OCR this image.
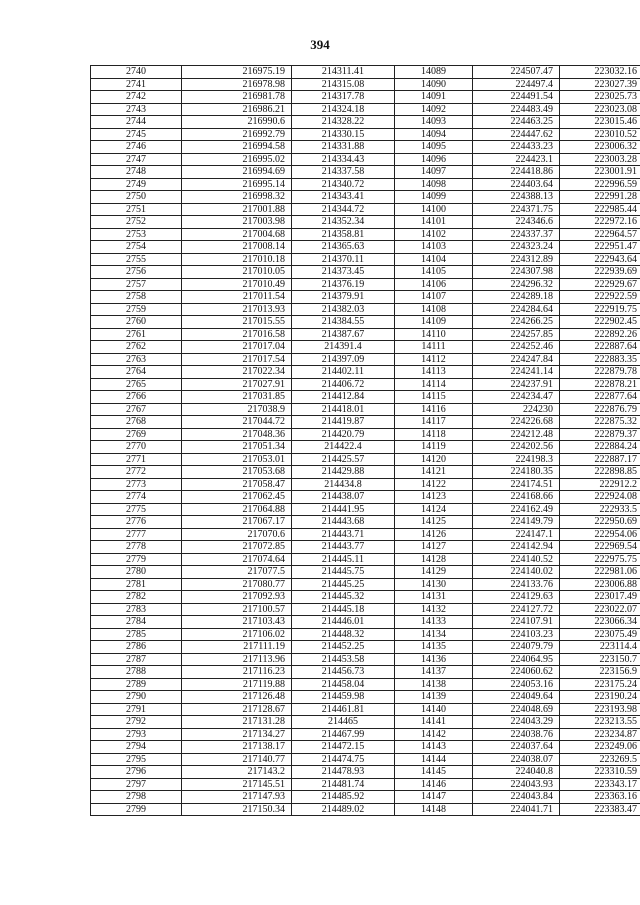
394
2740	216975.19	214311.41	14089	224507.47	223032.16
2741	216978.98	214315.08	14090	224497.4	223027.39
2742	216981.78	214317.78	14091	224491.54	223025.73
2743	216986.21	214324.18	14092	224483.49	223023.08
2744	216990.6	214328.22	14093	224463.25	223015.46
2745	216992.79	214330.15	14094	224447.62	223010.52
2746	216994.58	214331.88	14095	224433.23	223006.32
2747	216995.02	214334.43	14096	224423.1	223003.28
2748	216994.69	214337.58	14097	224418.86	223001.91
2749	216995.14	214340.72	14098	224403.64	222996.59
2750	216998.32	214343.41	14099	224388.13	222991.28
2751	217001.88	214344.72	14100	224371.75	222985.44
2752	217003.98	214352.34	14101	224346.6	222972.16
2753	217004.68	214358.81	14102	224337.37	222964.57
2754	217008.14	214365.63	14103	224323.24	222951.47
2755	217010.18	214370.11	14104	224312.89	222943.64
2756	217010.05	214373.45	14105	224307.98	222939.69
2757	217010.49	214376.19	14106	224296.32	222929.67
2758	217011.54	214379.91	14107	224289.18	222922.59
2759	217013.93	214382.03	14108	224284.64	222919.75
2760	217015.55	214384.55	14109	224266.25	222902.45
2761	217016.58	214387.67	14110	224257.85	222892.26
2762	217017.04	214391.4	14111	224252.46	222887.64
2763	217017.54	214397.09	14112	224247.84	222883.35
2764	217022.34	214402.11	14113	224241.14	222879.78
2765	217027.91	214406.72	14114	224237.91	222878.21
2766	217031.85	214412.84	14115	224234.47	222877.64
2767	217038.9	214418.01	14116	224230	222876.79
2768	217044.72	214419.87	14117	224226.68	222875.32
2769	217048.36	214420.79	14118	224212.48	222879.37
2770	217051.34	214422.4	14119	224202.56	222884.24
2771	217053.01	214425.57	14120	224198.3	222887.17
2772	217053.68	214429.88	14121	224180.35	222898.85
2773	217058.47	214434.8	14122	224174.51	222912.2
2774	217062.45	214438.07	14123	224168.66	222924.08
2775	217064.88	214441.95	14124	224162.49	222933.5
2776	217067.17	214443.68	14125	224149.79	222950.69
2777	217070.6	214443.71	14126	224147.1	222954.06
2778	217072.85	214443.77	14127	224142.94	222969.54
2779	217074.64	214445.11	14128	224140.52	222975.75
2780	217077.5	214445.75	14129	224140.02	222981.06
2781	217080.77	214445.25	14130	224133.76	223006.88
2782	217092.93	214445.32	14131	224129.63	223017.49
2783	217100.57	214445.18	14132	224127.72	223022.07
2784	217103.43	214446.01	14133	224107.91	223066.34
2785	217106.02	214448.32	14134	224103.23	223075.49
2786	217111.19	214452.25	14135	224079.79	223114.4
2787	217113.96	214453.58	14136	224064.95	223150.7
2788	217116.23	214456.73	14137	224060.62	223156.9
2789	217119.88	214458.04	14138	224053.16	223175.24
2790	217126.48	214459.98	14139	224049.64	223190.24
2791	217128.67	214461.81	14140	224048.69	223193.98
2792	217131.28	214465	14141	224043.29	223213.55
2793	217134.27	214467.99	14142	224038.76	223234.87
2794	217138.17	214472.15	14143	224037.64	223249.06
2795	217140.77	214474.75	14144	224038.07	223269.5
2796	217143.2	214478.93	14145	224040.8	223310.59
2797	217145.51	214481.74	14146	224043.93	223343.17
2798	217147.93	214485.92	14147	224043.84	223363.16
2799	217150.34	214489.02	14148	224041.71	223383.47
